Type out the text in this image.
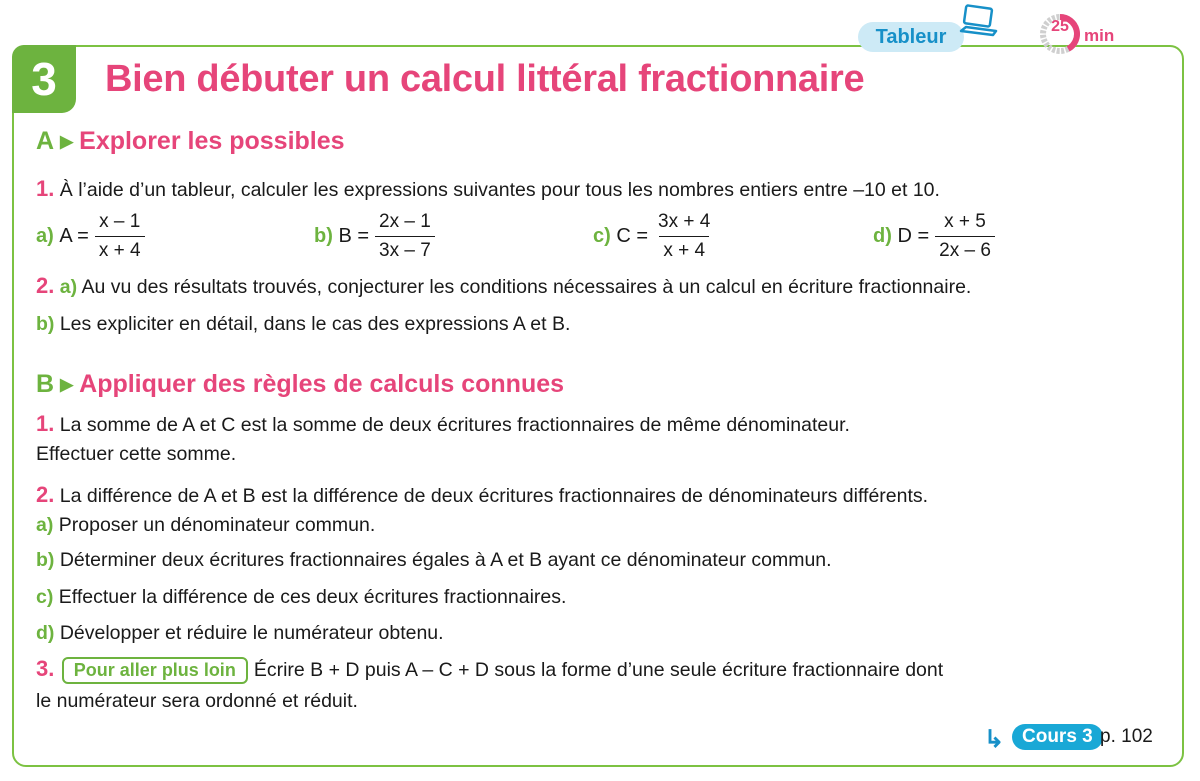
3	Bien débuter un calcul littéral fractionnaire
Tableur	25 min
A ▶ Explorer les possibles
1. À l’aide d’un tableur, calculer les expressions suivantes pour tous les nombres entiers entre –10 et 10.
a)
$A = \frac{x - 1}{x + 4}$	b)
$B = \frac{2x - 1}{3x - 7}$	c)
$C = \frac{3x + 4}{x + 4}$	d)
$D = \frac{x + 5}{2x - 6}$
2. a) Au vu des résultats trouvés, conjecturer les conditions nécessaires à un calcul en écriture fractionnaire.
b) Les expliciter en détail, dans le cas des expressions A et B.
B ▶ Appliquer des règles de calculs connues
1. La somme de A et C est la somme de deux écritures fractionnaires de même dénominateur.
Effectuer cette somme.
2. La différence de A et B est la différence de deux écritures fractionnaires de dénominateurs différents.
a) Proposer un dénominateur commun.
b) Déterminer deux écritures fractionnaires égales à A et B ayant ce dénominateur commun.
c) Effectuer la différence de ces deux écritures fractionnaires.
d) Développer et réduire le numérateur obtenu.
3. Pour aller plus loin Écrire B + D puis A – C + D sous la forme d’une seule écriture fractionnaire dont
le numérateur sera ordonné et réduit.
↳ Cours 3 p. 102
